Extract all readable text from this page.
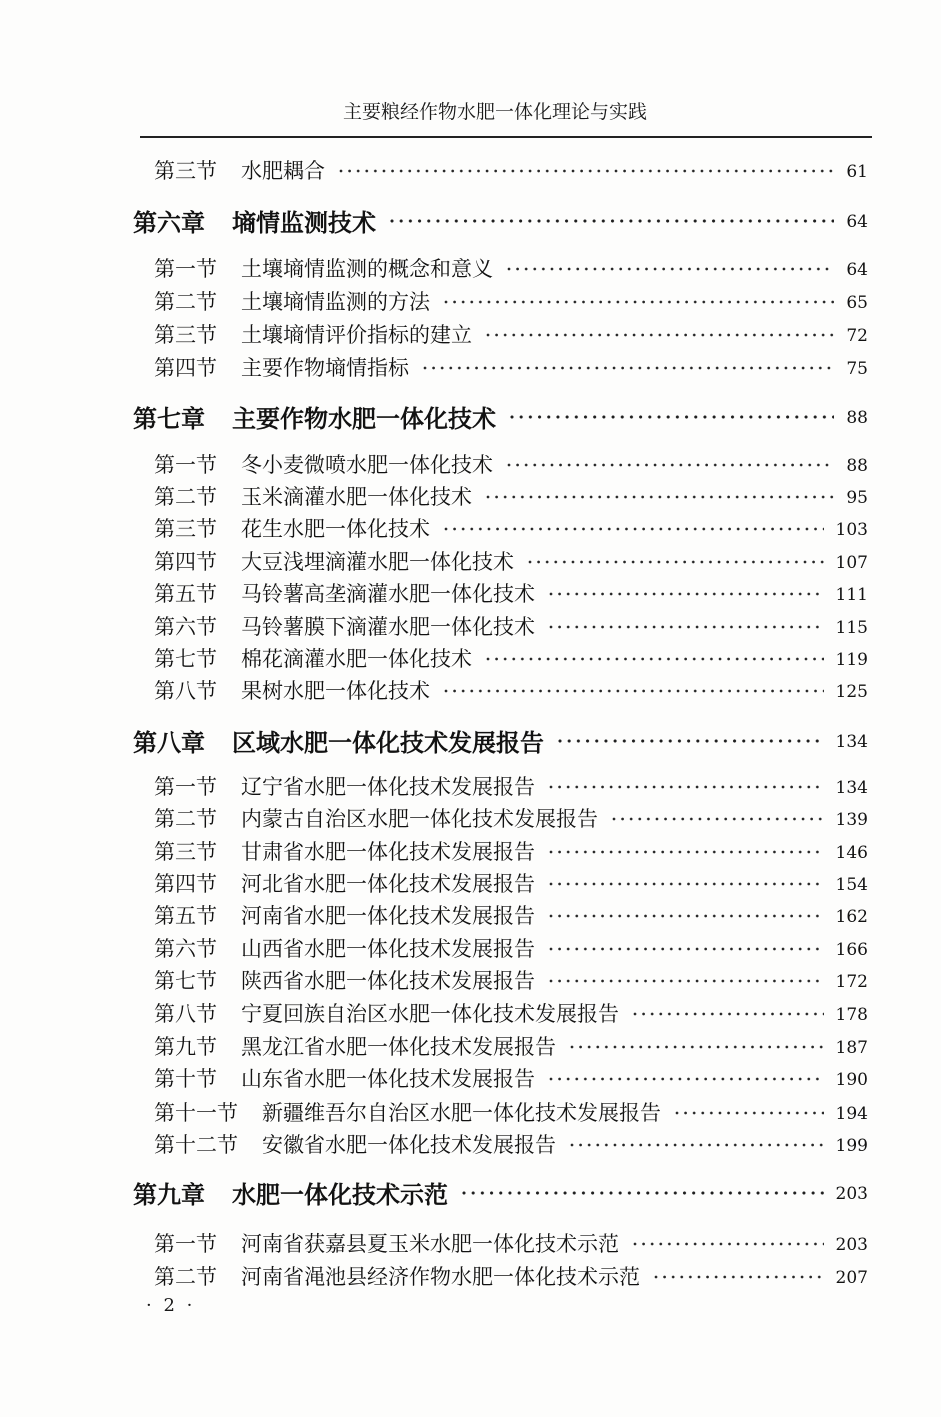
主要粮经作物水肥一体化理论与实践
第三节	水肥耦合	61
第六章	墒情监测技术	64
第一节	土壤墒情监测的概念和意义	64
第二节	土壤墒情监测的方法	65
第三节	土壤墒情评价指标的建立	72
第四节	主要作物墒情指标	75
第七章	主要作物水肥一体化技术	88
第一节	冬小麦微喷水肥一体化技术	88
第二节	玉米滴灌水肥一体化技术	95
第三节	花生水肥一体化技术	103
第四节	大豆浅埋滴灌水肥一体化技术	107
第五节	马铃薯高垄滴灌水肥一体化技术	111
第六节	马铃薯膜下滴灌水肥一体化技术	115
第七节	棉花滴灌水肥一体化技术	119
第八节	果树水肥一体化技术	125
第八章	区域水肥一体化技术发展报告	134
第一节	辽宁省水肥一体化技术发展报告	134
第二节	内蒙古自治区水肥一体化技术发展报告	139
第三节	甘肃省水肥一体化技术发展报告	146
第四节	河北省水肥一体化技术发展报告	154
第五节	河南省水肥一体化技术发展报告	162
第六节	山西省水肥一体化技术发展报告	166
第七节	陕西省水肥一体化技术发展报告	172
第八节	宁夏回族自治区水肥一体化技术发展报告	178
第九节	黑龙江省水肥一体化技术发展报告	187
第十节	山东省水肥一体化技术发展报告	190
第十一节	新疆维吾尔自治区水肥一体化技术发展报告	194
第十二节	安徽省水肥一体化技术发展报告	199
第九章	水肥一体化技术示范	203
第一节	河南省获嘉县夏玉米水肥一体化技术示范	203
第二节	河南省渑池县经济作物水肥一体化技术示范	207
· 2 ·
